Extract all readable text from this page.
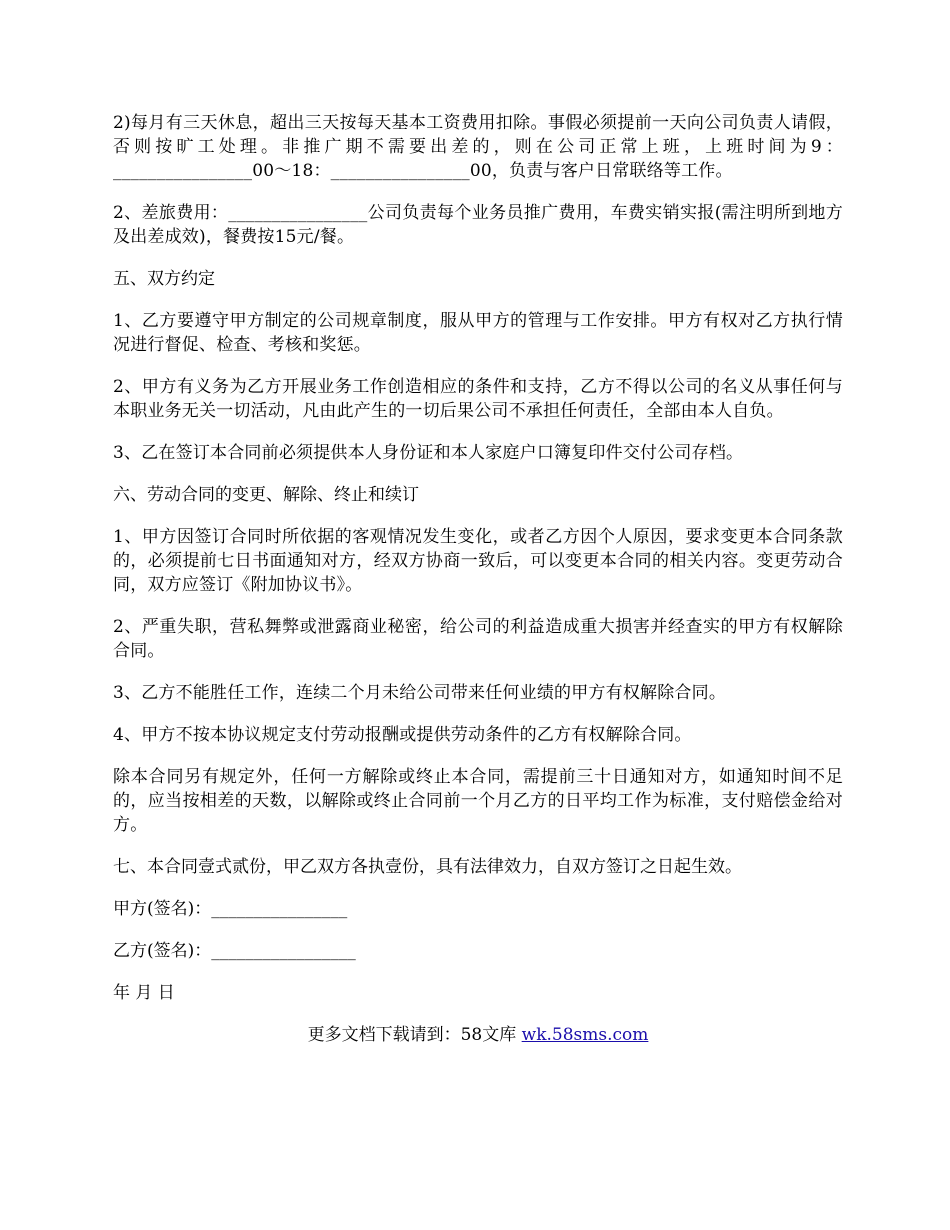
2)每月有三天休息，超出三天按每天基本工资费用扣除。事假必须提前一天向公司负责人请假，否则按旷工处理。非推广期不需要出差的，则在公司正常上班，上班时间为9：________________00～18：________________00，负责与客户日常联络等工作。

2、差旅费用：________________公司负责每个业务员推广费用，车费实销实报(需注明所到地方及出差成效)，餐费按15元/餐。

五、双方约定

1、乙方要遵守甲方制定的公司规章制度，服从甲方的管理与工作安排。甲方有权对乙方执行情况进行督促、检查、考核和奖惩。

2、甲方有义务为乙方开展业务工作创造相应的条件和支持，乙方不得以公司的名义从事任何与本职业务无关一切活动，凡由此产生的一切后果公司不承担任何责任，全部由本人自负。

3、乙在签订本合同前必须提供本人身份证和本人家庭户口簿复印件交付公司存档。

六、劳动合同的变更、解除、终止和续订

1、甲方因签订合同时所依据的客观情况发生变化，或者乙方因个人原因，要求变更本合同条款的，必须提前七日书面通知对方，经双方协商一致后，可以变更本合同的相关内容。变更劳动合同，双方应签订《附加协议书》。

2、严重失职，营私舞弊或泄露商业秘密，给公司的利益造成重大损害并经查实的甲方有权解除合同。

3、乙方不能胜任工作，连续二个月未给公司带来任何业绩的甲方有权解除合同。

4、甲方不按本协议规定支付劳动报酬或提供劳动条件的乙方有权解除合同。

除本合同另有规定外，任何一方解除或终止本合同，需提前三十日通知对方，如通知时间不足的，应当按相差的天数，以解除或终止合同前一个月乙方的日平均工作为标准，支付赔偿金给对方。

七、本合同壹式贰份，甲乙双方各执壹份，具有法律效力，自双方签订之日起生效。

甲方(签名)：________________

乙方(签名)：_________________

年 月 日

更多文档下载请到：58文库 wk.58sms.com
